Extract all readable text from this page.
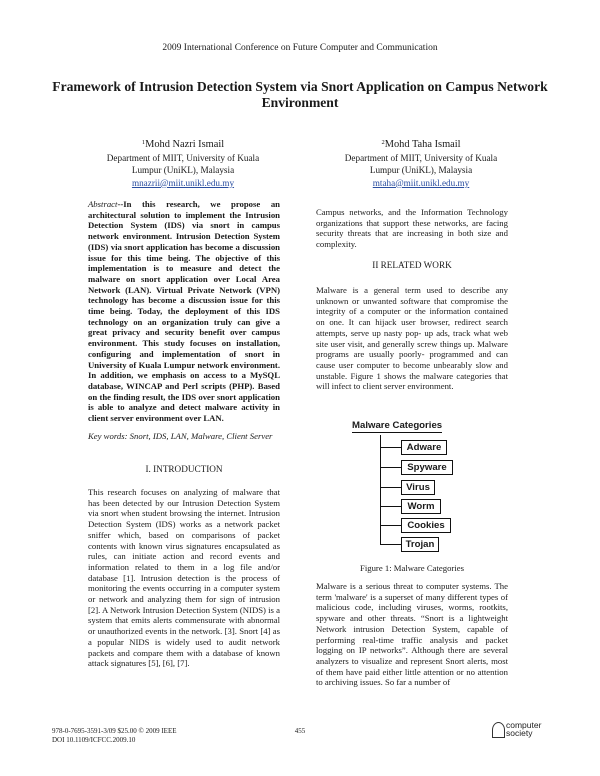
2009 International Conference on Future Computer and Communication
Framework of Intrusion Detection System via Snort Application on Campus Network Environment
$^1$Mohd Nazri Ismail
Department of MIIT, University of Kuala
Lumpur (UniKL), Malaysia
mnazrii@miit.unikl.edu.my
$^2$Mohd Taha Ismail
Department of MIIT, University of Kuala
Lumpur (UniKL), Malaysia
mtaha@miit.unikl.edu.my
Abstract--In this research, we propose an architectural solution to implement the Intrusion Detection System (IDS) via snort in campus network environment. Intrusion Detection System (IDS) via snort application has become a discussion issue for this time being. The objective of this implementation is to measure and detect the malware on snort application over Local Area Network (LAN). Virtual Private Network (VPN) technology has become a discussion issue for this time being. Today, the deployment of this IDS technology on an organization truly can give a great privacy and security benefit over campus environment. This study focuses on installation, configuring and implementation of snort in University of Kuala Lumpur network environment. In addition, we emphasis on access to a MySQL database, WINCAP and Perl scripts (PHP). Based on the finding result, the IDS over snort application is able to analyze and detect malware activity in client server environment over LAN.
Key words: Snort, IDS, LAN, Malware, Client Server
I. INTRODUCTION
This research focuses on analyzing of malware that has been detected by our Intrusion Detection System via snort when student browsing the internet. Intrusion Detection System (IDS) works as a network packet sniffer which, based on comparisons of packet contents with known virus signatures encapsulated as rules, can initiate action and record events and information related to them in a log file and/or database [1]. Intrusion detection is the process of monitoring the events occurring in a computer system or network and analyzing them for sign of intrusion [2]. A Network Intrusion Detection System (NIDS) is a system that emits alerts commensurate with abnormal or unauthorized events in the network. [3]. Snort [4] as a popular NIDS is widely used to audit network packets and compare them with a database of known attack signatures [5], [6], [7].
Campus networks, and the Information Technology organizations that support these networks, are facing security threats that are increasing in both size and complexity.
II RELATED WORK
Malware is a general term used to describe any unknown or unwanted software that compromise the integrity of a computer or the information contained on one. It can hijack user browser, redirect search attempts, serve up nasty pop- up ads, track what web site user visit, and generally screw things up. Malware programs are usually poorly- programmed and can cause user computer to become unbearably slow and unstable. Figure 1 shows the malware categories that will infect to client server environment.
Malware Categories
Adware
Spyware
Virus
Worm
Cookies
Trojan
Figure 1: Malware Categories
Malware is a serious threat to computer systems. The term 'malware' is a superset of many different types of malicious code, including viruses, worms, rootkits, spyware and other threats. “Snort is a lightweight Network intrusion Detection System, capable of performing real-time traffic analysis and packet logging on IP networks”. Although there are several analyzers to visualize and represent Snort alerts, most of them have paid either little attention or no attention to archiving issues. So far a number of
978-0-7695-3591-3/09 $25.00 © 2009 IEEE
DOI 10.1109/ICFCC.2009.10
455
computer
society
